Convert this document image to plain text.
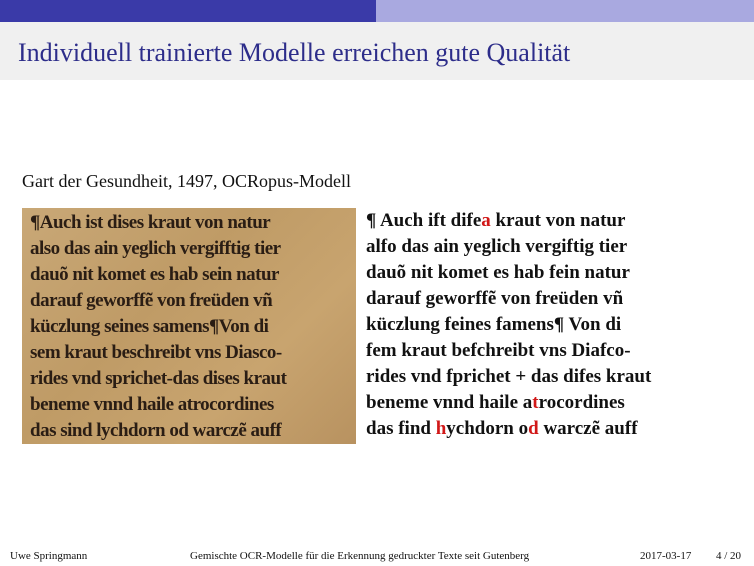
Individuell trainierte Modelle erreichen gute Qualität
Gart der Gesundheit, 1497, OCRopus-Modell
¶Auch ist dises kraut von natur
also das ain yeglich vergifftig tier
dauõ nit komet es hab sein natur
darauf geworffẽ von freüden vñ
küczlung seines samens¶Von di
sem kraut beschreibt vns Diasco-
rides vnd sprichet-das dises kraut
beneme vnnd haile atrocordines
das sind lychdorn od warczẽ auff
¶ Auch ift difea kraut von natur
alfo das ain yeglich vergiftig tier
dauõ nit komet es hab fein natur
darauf geworffẽ von freüden vñ
küczlung feines famens¶ Von di
fem kraut befchreibt vns Diafco-
rides vnd fprichet + das difes kraut
beneme vnnd haile atrocordines
das find hychdorn od warczẽ auff
Uwe Springmann	Gemischte OCR-Modelle für die Erkennung gedruckter Texte seit Gutenberg	2017-03-17 4 / 20
